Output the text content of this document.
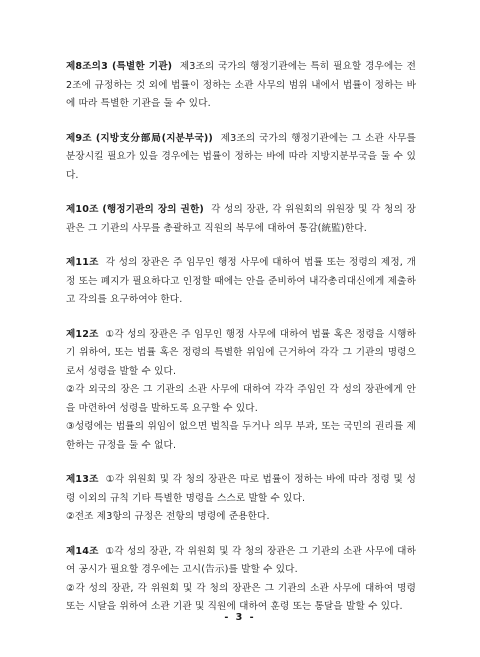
제8조의3 (특별한 기관) 제3조의 국가의 행정기관에는 특히 필요할 경우에는 전 2조에 규정하는 것 외에 법률이 정하는 소관 사무의 범위 내에서 법률이 정하는 바에 따라 특별한 기관을 둘 수 있다.

제9조 (지방支分部局(지분부국)) 제3조의 국가의 행정기관에는 그 소관 사무를 분장시킬 필요가 있을 경우에는 법률이 정하는 바에 따라 지방지분부국을 둘 수 있다.

제10조 (행정기관의 장의 권한) 각 성의 장관, 각 위원회의 위원장 및 각 청의 장관은 그 기관의 사무를 총괄하고 직원의 복무에 대하여 통감(統監)한다.

제11조 각 성의 장관은 주 임무인 행정 사무에 대하여 법률 또는 정령의 제정, 개정 또는 폐지가 필요하다고 인정할 때에는 안을 준비하여 내각총리대신에게 제출하고 각의를 요구하여야 한다.

제12조 ①각 성의 장관은 주 임무인 행정 사무에 대하여 법률 혹은 정령을 시행하기 위하여, 또는 법률 혹은 정령의 특별한 위임에 근거하여 각각 그 기관의 명령으로서 성령을 발할 수 있다.

②각 외국의 장은 그 기관의 소관 사무에 대하여 각각 주임인 각 성의 장관에게 안을 마련하여 성령을 발하도록 요구할 수 있다.

③성령에는 법률의 위임이 없으면 벌칙을 두거나 의무 부과, 또는 국민의 권리를 제한하는 규정을 둘 수 없다.

제13조 ①각 위원회 및 각 청의 장관은 따로 법률이 정하는 바에 따라 정령 및 성령 이외의 규칙 기타 특별한 명령을 스스로 발할 수 있다.

②전조 제3항의 규정은 전항의 명령에 준용한다.

제14조 ①각 성의 장관, 각 위원회 및 각 청의 장관은 그 기관의 소관 사무에 대하여 공시가 필요할 경우에는 고시(告示)를 발할 수 있다.

②각 성의 장관, 각 위원회 및 각 청의 장관은 그 기관의 소관 사무에 대하여 명령 또는 시달을 위하여 소관 기관 및 직원에 대하여 훈령 또는 통달을 발할 수 있다.

- 3 -
